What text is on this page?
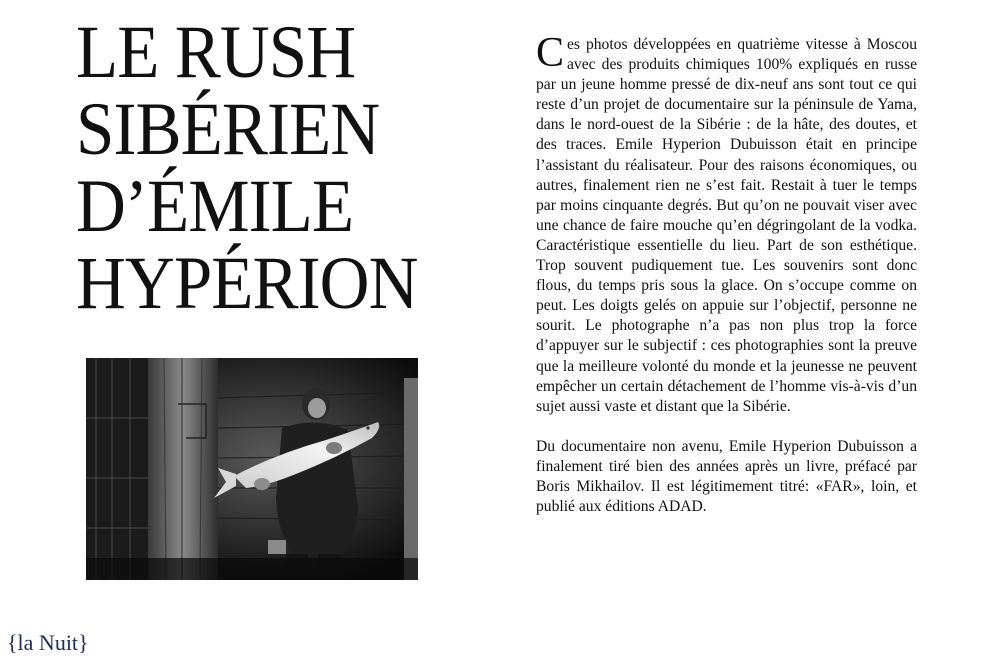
LE RUSH
SIBÉRIEN
D’ÉMILE
HYPÉRION

Ces photos développées en quatrième vitesse à Moscou avec des produits chimiques 100% expliqués en russe par un jeune homme pressé de dix-neuf ans sont tout ce qui reste d’un projet de documentaire sur la péninsule de Yama, dans le nord-ouest de la Sibérie : de la hâte, des doutes, et des traces. Emile Hyperion Dubuisson était en principe l’assistant du réalisateur. Pour des raisons économiques, ou autres, finalement rien ne s’est fait. Restait à tuer le temps par moins cinquante degrés. But qu’on ne pouvait viser avec une chance de faire mouche qu’en dégringolant de la vodka. Caractéristique essentielle du lieu. Part de son esthétique. Trop souvent pudiquement tue. Les souvenirs sont donc flous, du temps pris sous la glace. On s’occupe comme on peut. Les doigts gelés on appuie sur l’objectif, personne ne sourit. Le photographe n’a pas non plus trop la force d’appuyer sur le subjectif : ces photographies sont la preuve que la meilleure volonté du monde et la jeunesse ne peuvent empêcher un certain détachement de l’homme vis-à-vis d’un sujet aussi vaste et distant que la Sibérie.

Du documentaire non avenu, Emile Hyperion Dubuisson a finalement tiré bien des années après un livre, préfacé par Boris Mikhailov. Il est légitimement titré: «FAR», loin, et publié aux éditions ADAD.

{la Nuit}
